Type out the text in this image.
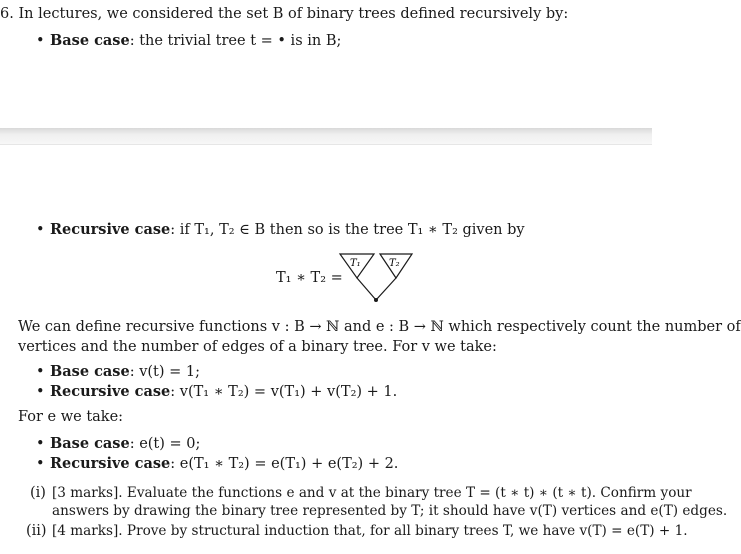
6. In lectures, we considered the set B of binary trees defined recursively by:
• Base case: the trivial tree t = • is in B;
• Recursive case: if T₁, T₂ ∈ B then so is the tree T₁ ∗ T₂ given by
T₁ ∗ T₂ =
T₁	T₂
We can define recursive functions v : B → ℕ and e : B → ℕ which respectively count the number of
vertices and the number of edges of a binary tree. For v we take:
• Base case: v(t) = 1;
• Recursive case: v(T₁ ∗ T₂) = v(T₁) + v(T₂) + 1.
For e we take:
• Base case: e(t) = 0;
• Recursive case: e(T₁ ∗ T₂) = e(T₁) + e(T₂) + 2.
(i) [3 marks]. Evaluate the functions e and v at the binary tree T = (t ∗ t) ∗ (t ∗ t). Confirm your
answers by drawing the binary tree represented by T; it should have v(T) vertices and e(T) edges.
(ii) [4 marks]. Prove by structural induction that, for all binary trees T, we have v(T) = e(T) + 1.
